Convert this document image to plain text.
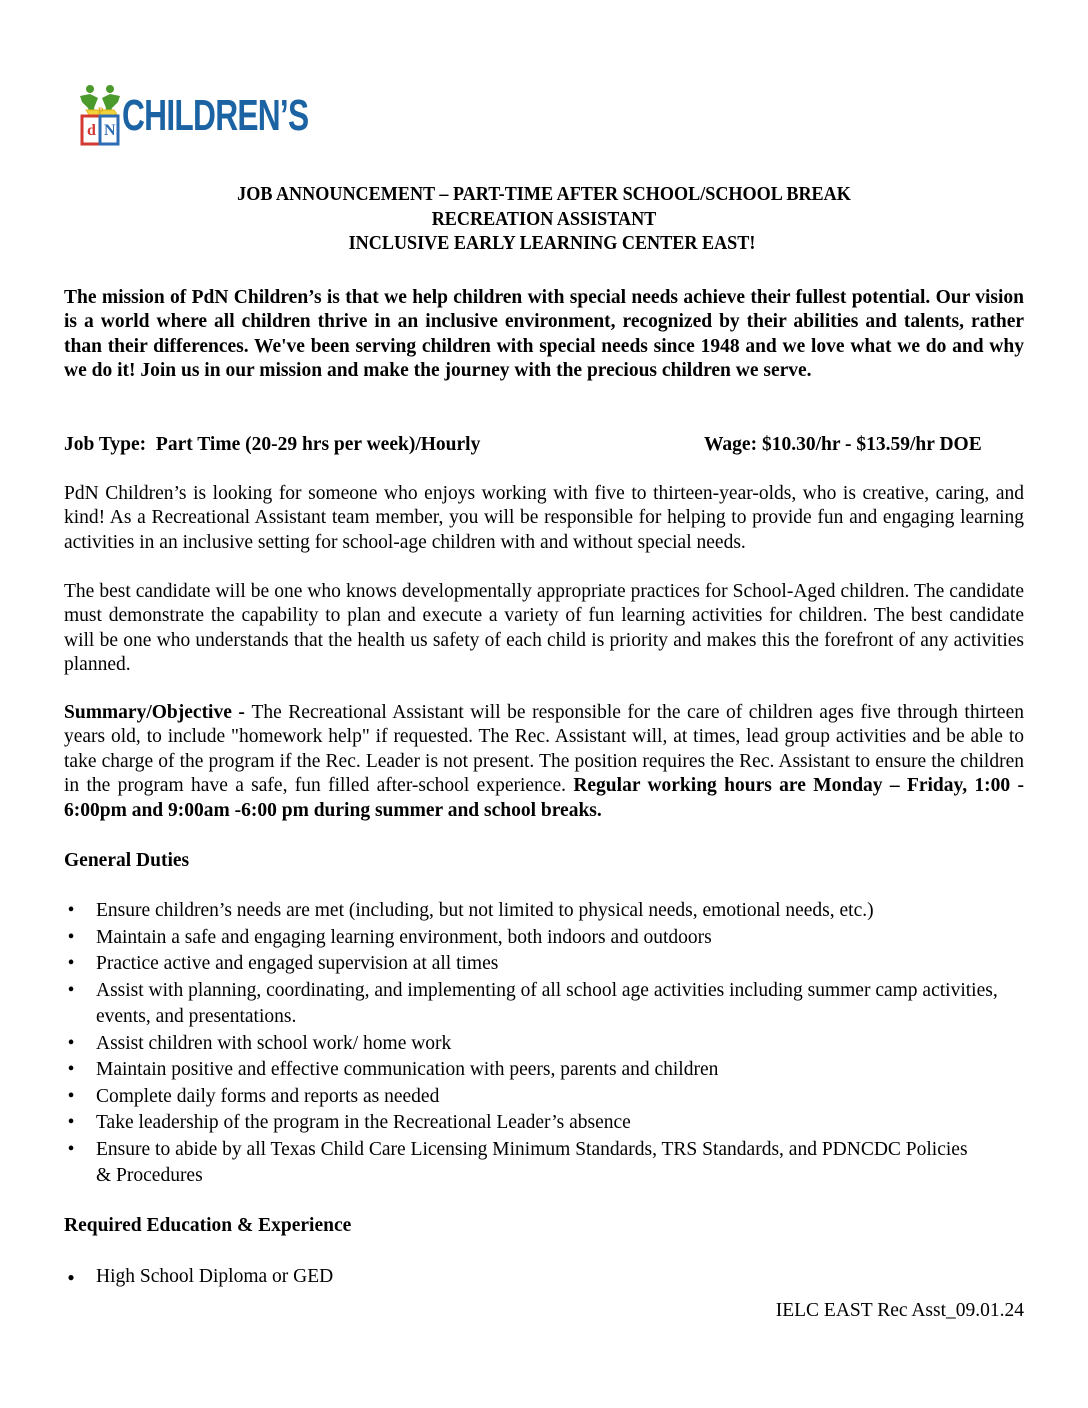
P
d N CHILDREN’S
JOB ANNOUNCEMENT – PART-TIME AFTER SCHOOL/SCHOOL BREAK
RECREATION ASSISTANT
INCLUSIVE EARLY LEARNING CENTER EAST!
The mission of PdN Children’s is that we help children with special needs achieve their fullest potential. Our vision is a world where all children thrive in an inclusive environment, recognized by their abilities and talents, rather than their differences. We've been serving children with special needs since 1948 and we love what we do and why we do it! Join us in our mission and make the journey with the precious children we serve.
Job Type:  Part Time (20-29 hrs per week)/Hourly	Wage: $10.30/hr - $13.59/hr DOE
PdN Children’s is looking for someone who enjoys working with five to thirteen-year-olds, who is creative, caring, and kind! As a Recreational Assistant team member, you will be responsible for helping to provide fun and engaging learning activities in an inclusive setting for school-age children with and without special needs.
The best candidate will be one who knows developmentally appropriate practices for School-Aged children. The candidate must demonstrate the capability to plan and execute a variety of fun learning activities for children. The best candidate will be one who understands that the health us safety of each child is priority and makes this the forefront of any activities planned.
Summary/Objective - The Recreational Assistant will be responsible for the care of children ages five through thirteen years old, to include "homework help" if requested. The Rec. Assistant will, at times, lead group activities and be able to take charge of the program if the Rec. Leader is not present. The position requires the Rec. Assistant to ensure the children in the program have a safe, fun filled after-school experience. Regular working hours are Monday – Friday, 1:00 - 6:00pm and 9:00am -6:00 pm during summer and school breaks.
General Duties
• Ensure children’s needs are met (including, but not limited to physical needs, emotional needs, etc.)
• Maintain a safe and engaging learning environment, both indoors and outdoors
• Practice active and engaged supervision at all times
• Assist with planning, coordinating, and implementing of all school age activities including summer camp activities, events, and presentations.
• Assist children with school work/ home work
• Maintain positive and effective communication with peers, parents and children
• Complete daily forms and reports as needed
• Take leadership of the program in the Recreational Leader’s absence
• Ensure to abide by all Texas Child Care Licensing Minimum Standards, TRS Standards, and PDNCDC Policies & Procedures
Required Education & Experience
● High School Diploma or GED
IELC EAST Rec Asst_09.01.24
